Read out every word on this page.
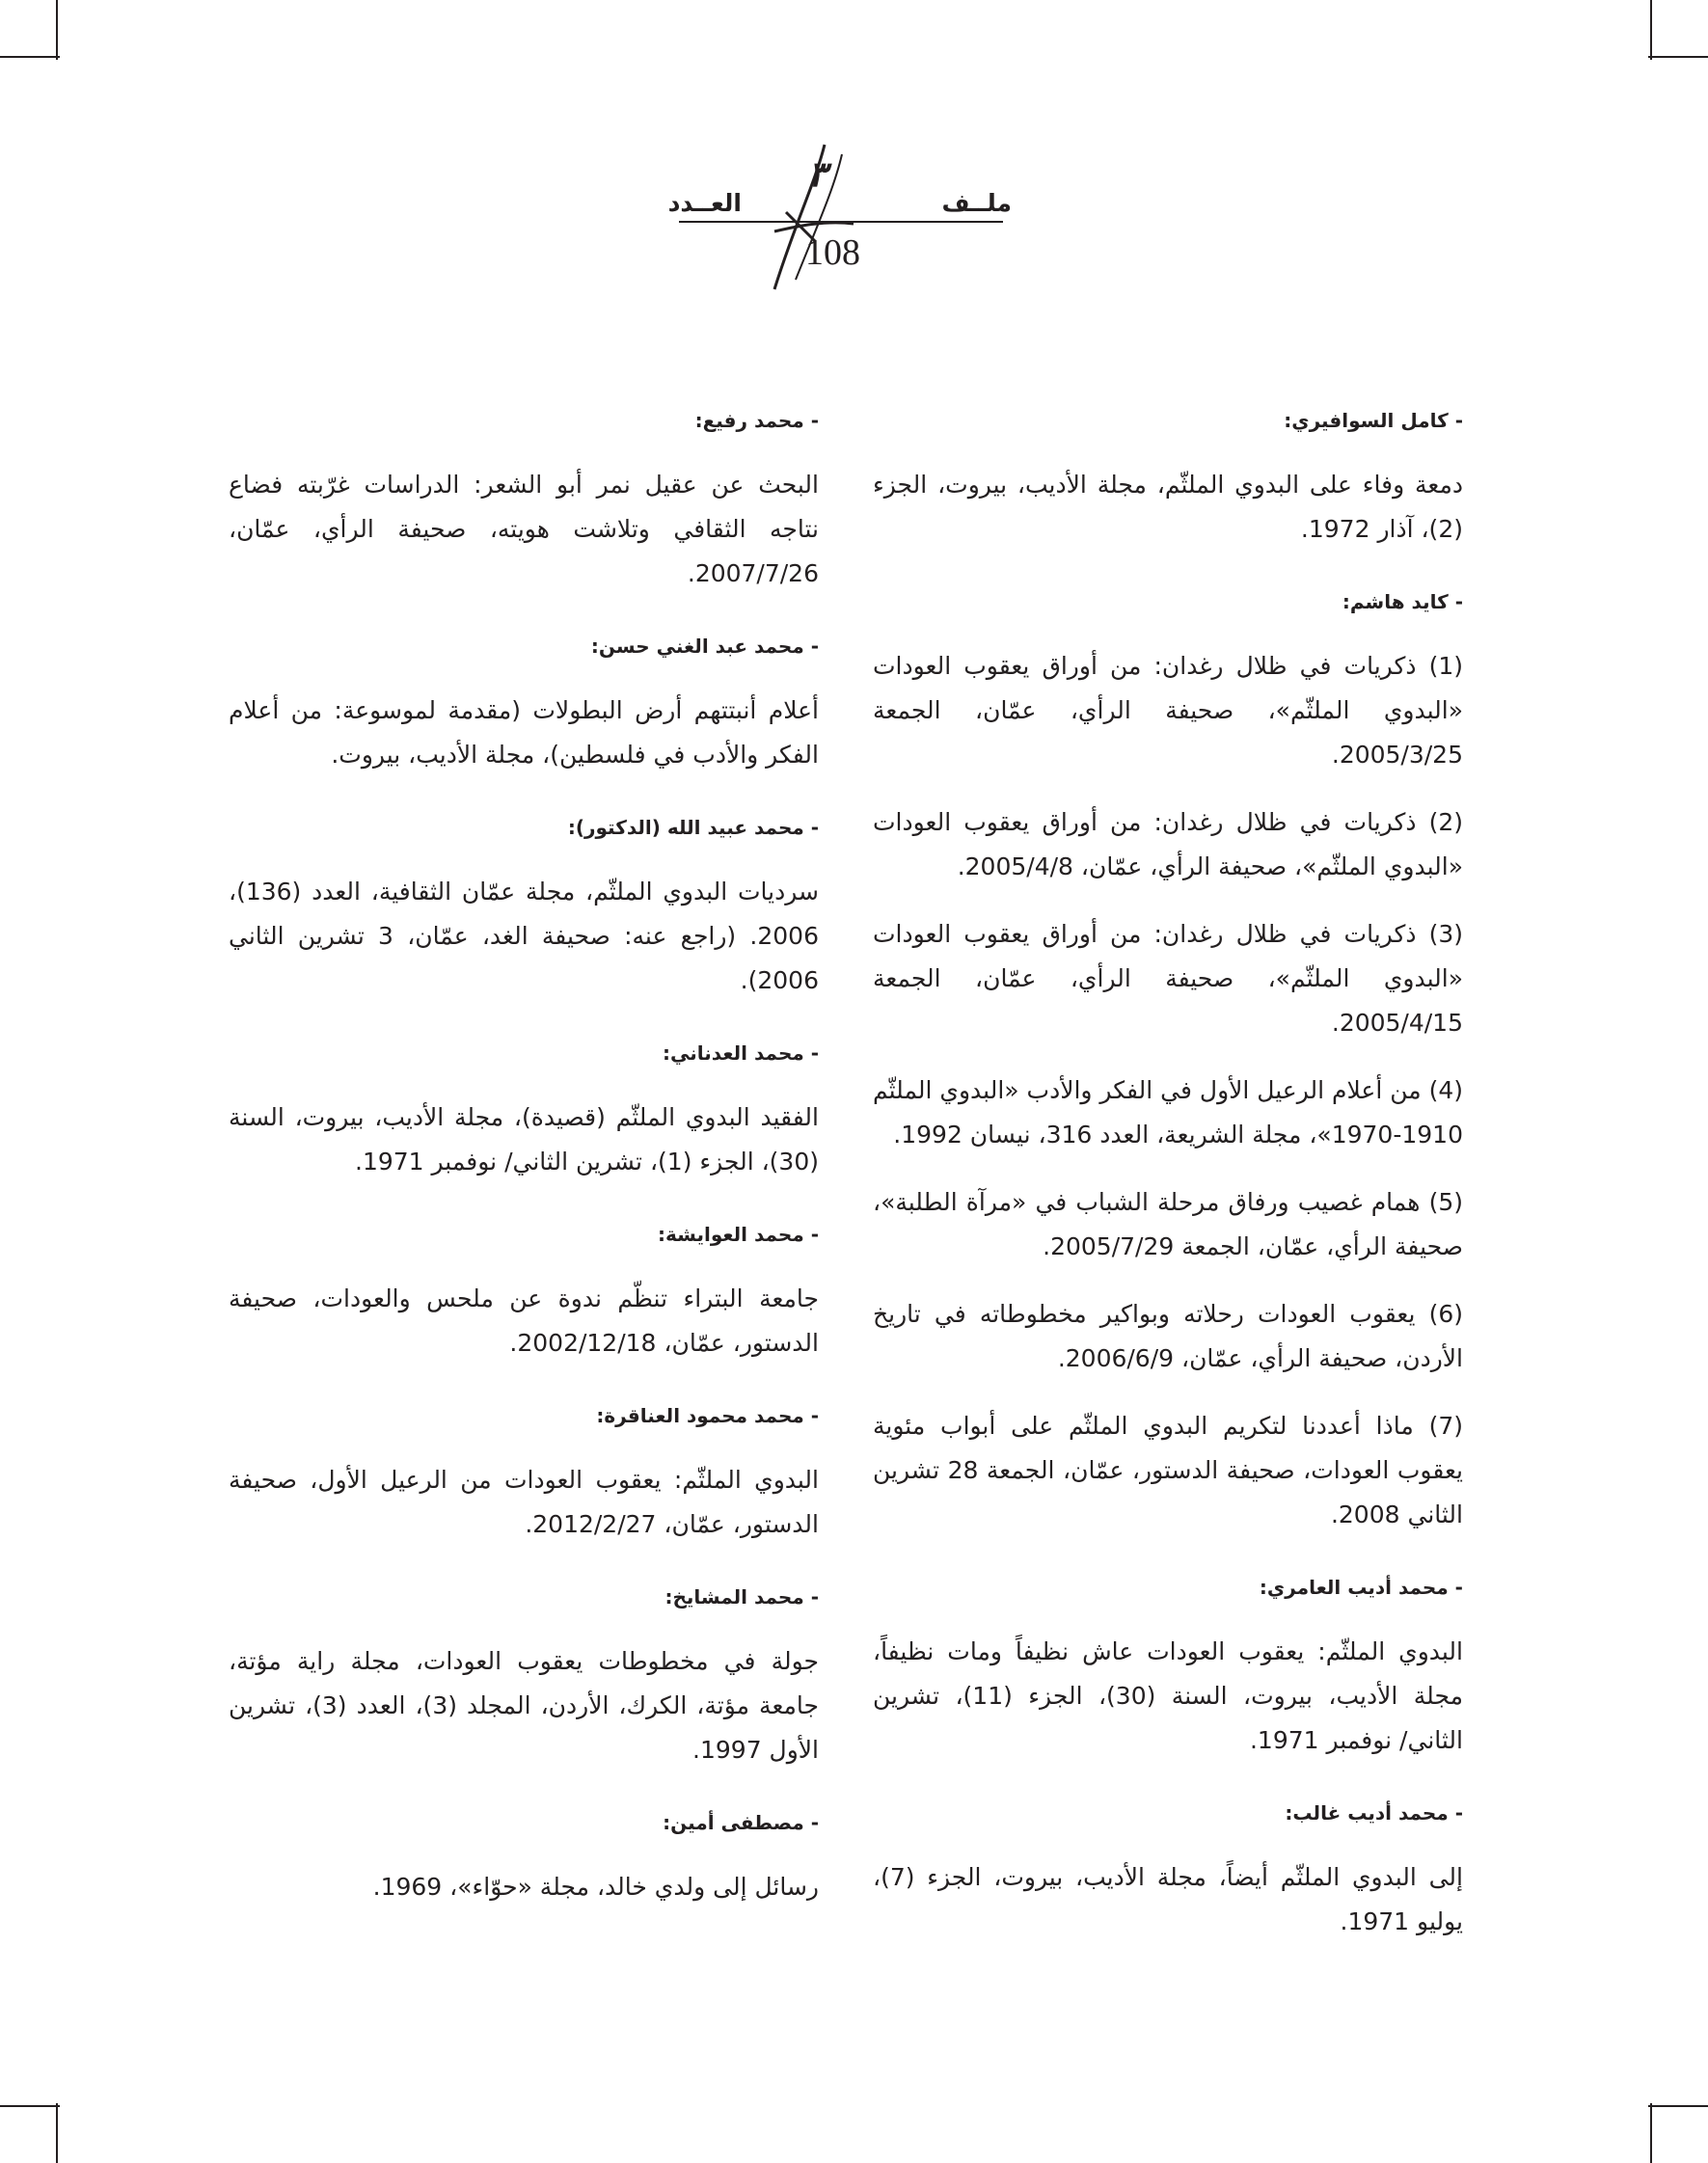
٣
العــدد	ملــف
108

- كامل السوافيري:

دمعة وفاء على البدوي الملثّم، مجلة الأديب، بيروت، الجزء (2)، آذار 1972.

- كايد هاشم:

(1) ذكريات في ظلال رغدان: من أوراق يعقوب العودات «البدوي الملثّم»، صحيفة الرأي، عمّان، الجمعة 2005/3/25.

(2) ذكريات في ظلال رغدان: من أوراق يعقوب العودات «البدوي الملثّم»، صحيفة الرأي، عمّان، 2005/4/8.

(3) ذكريات في ظلال رغدان: من أوراق يعقوب العودات «البدوي الملثّم»، صحيفة الرأي، عمّان، الجمعة 2005/4/15.

(4) من أعلام الرعيل الأول في الفكر والأدب «البدوي الملثّم 1910-1970»، مجلة الشريعة، العدد 316، نيسان 1992.

(5) همام غصيب ورفاق مرحلة الشباب في «مرآة الطلبة»، صحيفة الرأي، عمّان، الجمعة 2005/7/29.

(6) يعقوب العودات رحلاته وبواكير مخطوطاته في تاريخ الأردن، صحيفة الرأي، عمّان، 2006/6/9.

(7) ماذا أعددنا لتكريم البدوي الملثّم على أبواب مئوية يعقوب العودات، صحيفة الدستور، عمّان، الجمعة 28 تشرين الثاني 2008.

- محمد أديب العامري:

البدوي الملثّم: يعقوب العودات عاش نظيفاً ومات نظيفاً، مجلة الأديب، بيروت، السنة (30)، الجزء (11)، تشرين الثاني/ نوفمبر 1971.

- محمد أديب غالب:

إلى البدوي الملثّم أيضاً، مجلة الأديب، بيروت، الجزء (7)، يوليو 1971.

- محمد رفيع:

البحث عن عقيل نمر أبو الشعر: الدراسات غرّبته فضاع نتاجه الثقافي وتلاشت هويته، صحيفة الرأي، عمّان، 2007/7/26.

- محمد عبد الغني حسن:

أعلام أنبتتهم أرض البطولات (مقدمة لموسوعة: من أعلام الفكر والأدب في فلسطين)، مجلة الأديب، بيروت.

- محمد عبيد الله (الدكتور):

سرديات البدوي الملثّم، مجلة عمّان الثقافية، العدد (136)، 2006. (راجع عنه: صحيفة الغد، عمّان، 3 تشرين الثاني 2006).

- محمد العدناني:

الفقيد البدوي الملثّم (قصيدة)، مجلة الأديب، بيروت، السنة (30)، الجزء (1)، تشرين الثاني/ نوفمبر 1971.

- محمد العوايشة:

جامعة البتراء تنظّم ندوة عن ملحس والعودات، صحيفة الدستور، عمّان، 2002/12/18.

- محمد محمود العناقرة:

البدوي الملثّم: يعقوب العودات من الرعيل الأول، صحيفة الدستور، عمّان، 2012/2/27.

- محمد المشايخ:

جولة في مخطوطات يعقوب العودات، مجلة راية مؤتة، جامعة مؤتة، الكرك، الأردن، المجلد (3)، العدد (3)، تشرين الأول 1997.

- مصطفى أمين:

رسائل إلى ولدي خالد، مجلة «حوّاء»، 1969.
